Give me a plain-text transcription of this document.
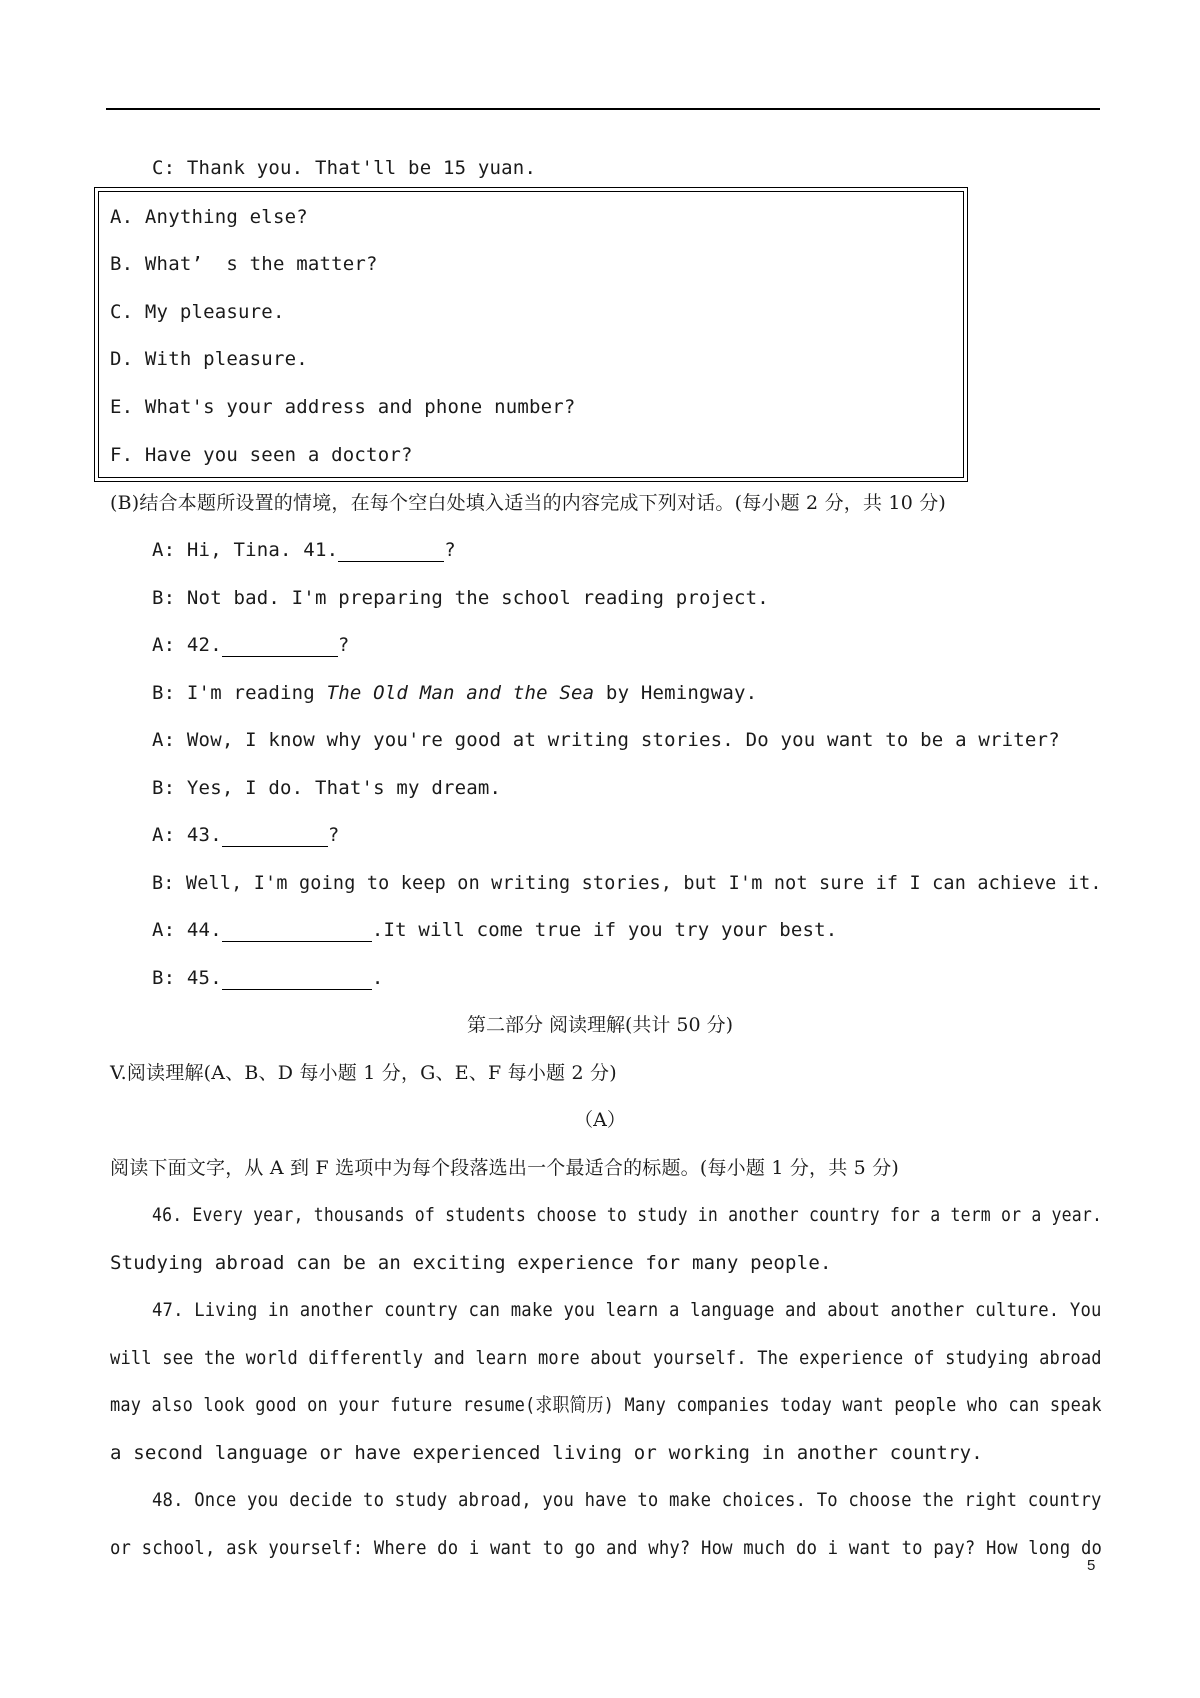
C: Thank you. That'll be 15 yuan.
A. Anything else?
B. What’  s the matter?
C. My pleasure.
D. With pleasure.
E. What's your address and phone number?
F. Have you seen a doctor?
(B)结合本题所设置的情境，在每个空白处填入适当的内容完成下列对话。(每小题 2 分，共 10 分)
A: Hi, Tina. 41.	?
B: Not bad. I'm preparing the school reading project.
A: 42.	?
B: I'm reading The Old Man and the Sea by Hemingway.
A: Wow, I know why you're good at writing stories. Do you want to be a writer?
B: Yes, I do. That's my dream.
A: 43.	?
B: Well, I'm going to keep on writing stories, but I'm not sure if I can achieve it.
A: 44.	.It will come true if you try your best.
B: 45.	.
第二部分 阅读理解(共计 50 分)
V.阅读理解(A、B、D 每小题 1 分，G、E、F 每小题 2 分)
（A）
阅读下面文字，从 A 到 F 选项中为每个段落选出一个最适合的标题。(每小题 1 分，共 5 分)
46. Every year, thousands of students choose to study in another country for a term or a year.
Studying abroad can be an exciting experience for many people.
47. Living in another country can make you learn a language and about another culture. You
will see the world differently and learn more about yourself. The experience of studying abroad
may also look good on your future resume(求职简历) Many companies today want people who can speak
a second language or have experienced living or working in another country.
48. Once you decide to study abroad, you have to make choices. To choose the right country
or school, ask yourself: Where do i want to go and why? How much do i want to pay? How long do
5
